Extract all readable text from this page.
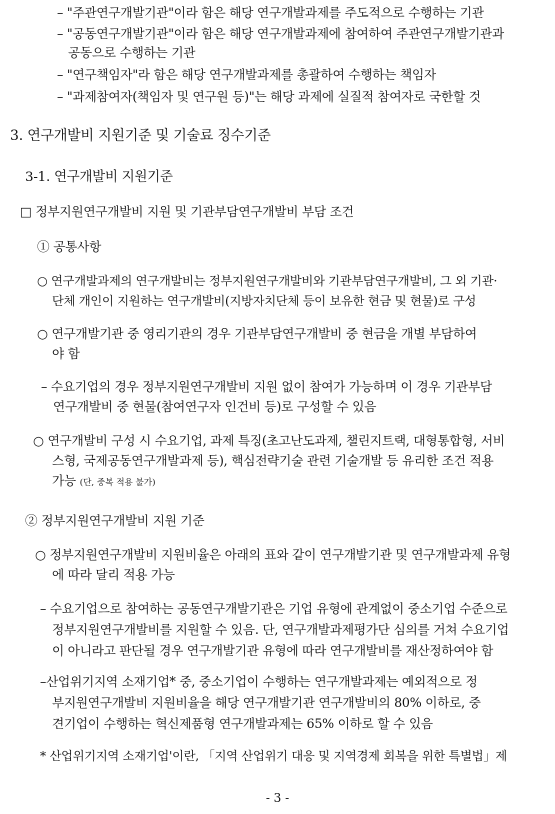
– "주관연구개발기관"이라 함은 해당 연구개발과제를 주도적으로 수행하는 기관
– "공동연구개발기관"이라 함은 해당 연구개발과제에 참여하여 주관연구개발기관과
공동으로 수행하는 기관
– "연구책임자"라 함은 해당 연구개발과제를 총괄하여 수행하는 책임자
– "과제참여자(책임자 및 연구원 등)"는 해당 과제에 실질적 참여자로 국한할 것
3. 연구개발비 지원기준 및 기술료 징수기준
3-1. 연구개발비 지원기준
□ 정부지원연구개발비 지원 및 기관부담연구개발비 부담 조건
① 공통사항
○ 연구개발과제의 연구개발비는 정부지원연구개발비와 기관부담연구개발비, 그 외 기관·
단체 개인이 지원하는 연구개발비(지방자치단체 등이 보유한 현금 및 현물)로 구성
○ 연구개발기관 중 영리기관의 경우 기관부담연구개발비 중 현금을 개별 부담하여
야 함
– 수요기업의 경우 정부지원연구개발비 지원 없이 참여가 가능하며 이 경우 기관부담
연구개발비 중 현물(참여연구자 인건비 등)로 구성할 수 있음
○ 연구개발비 구성 시 수요기업, 과제 특징(초고난도과제, 챌린지트랙, 대형통합형, 서비
스형, 국제공동연구개발과제 등), 핵심전략기술 관련 기술개발 등 유리한 조건 적용
가능 (단, 중복 적용 불가)
② 정부지원연구개발비 지원 기준
○ 정부지원연구개발비 지원비율은 아래의 표와 같이 연구개발기관 및 연구개발과제 유형
에 따라 달리 적용 가능
– 수요기업으로 참여하는 공동연구개발기관은 기업 유형에 관계없이 중소기업 수준으로
정부지원연구개발비를 지원할 수 있음. 단, 연구개발과제평가단 심의를 거쳐 수요기업
이 아니라고 판단될 경우 연구개발기관 유형에 따라 연구개발비를 재산정하여야 함
–산업위기지역 소재기업* 중, 중소기업이 수행하는 연구개발과제는 예외적으로 정
부지원연구개발비 지원비율을 해당 연구개발기관 연구개발비의 80% 이하로, 중
견기업이 수행하는 혁신제품형 연구개발과제는 65% 이하로 할 수 있음
* 산업위기지역 소재기업'이란, 「지역 산업위기 대응 및 지역경제 회복을 위한 특별법」제
- 3 -
